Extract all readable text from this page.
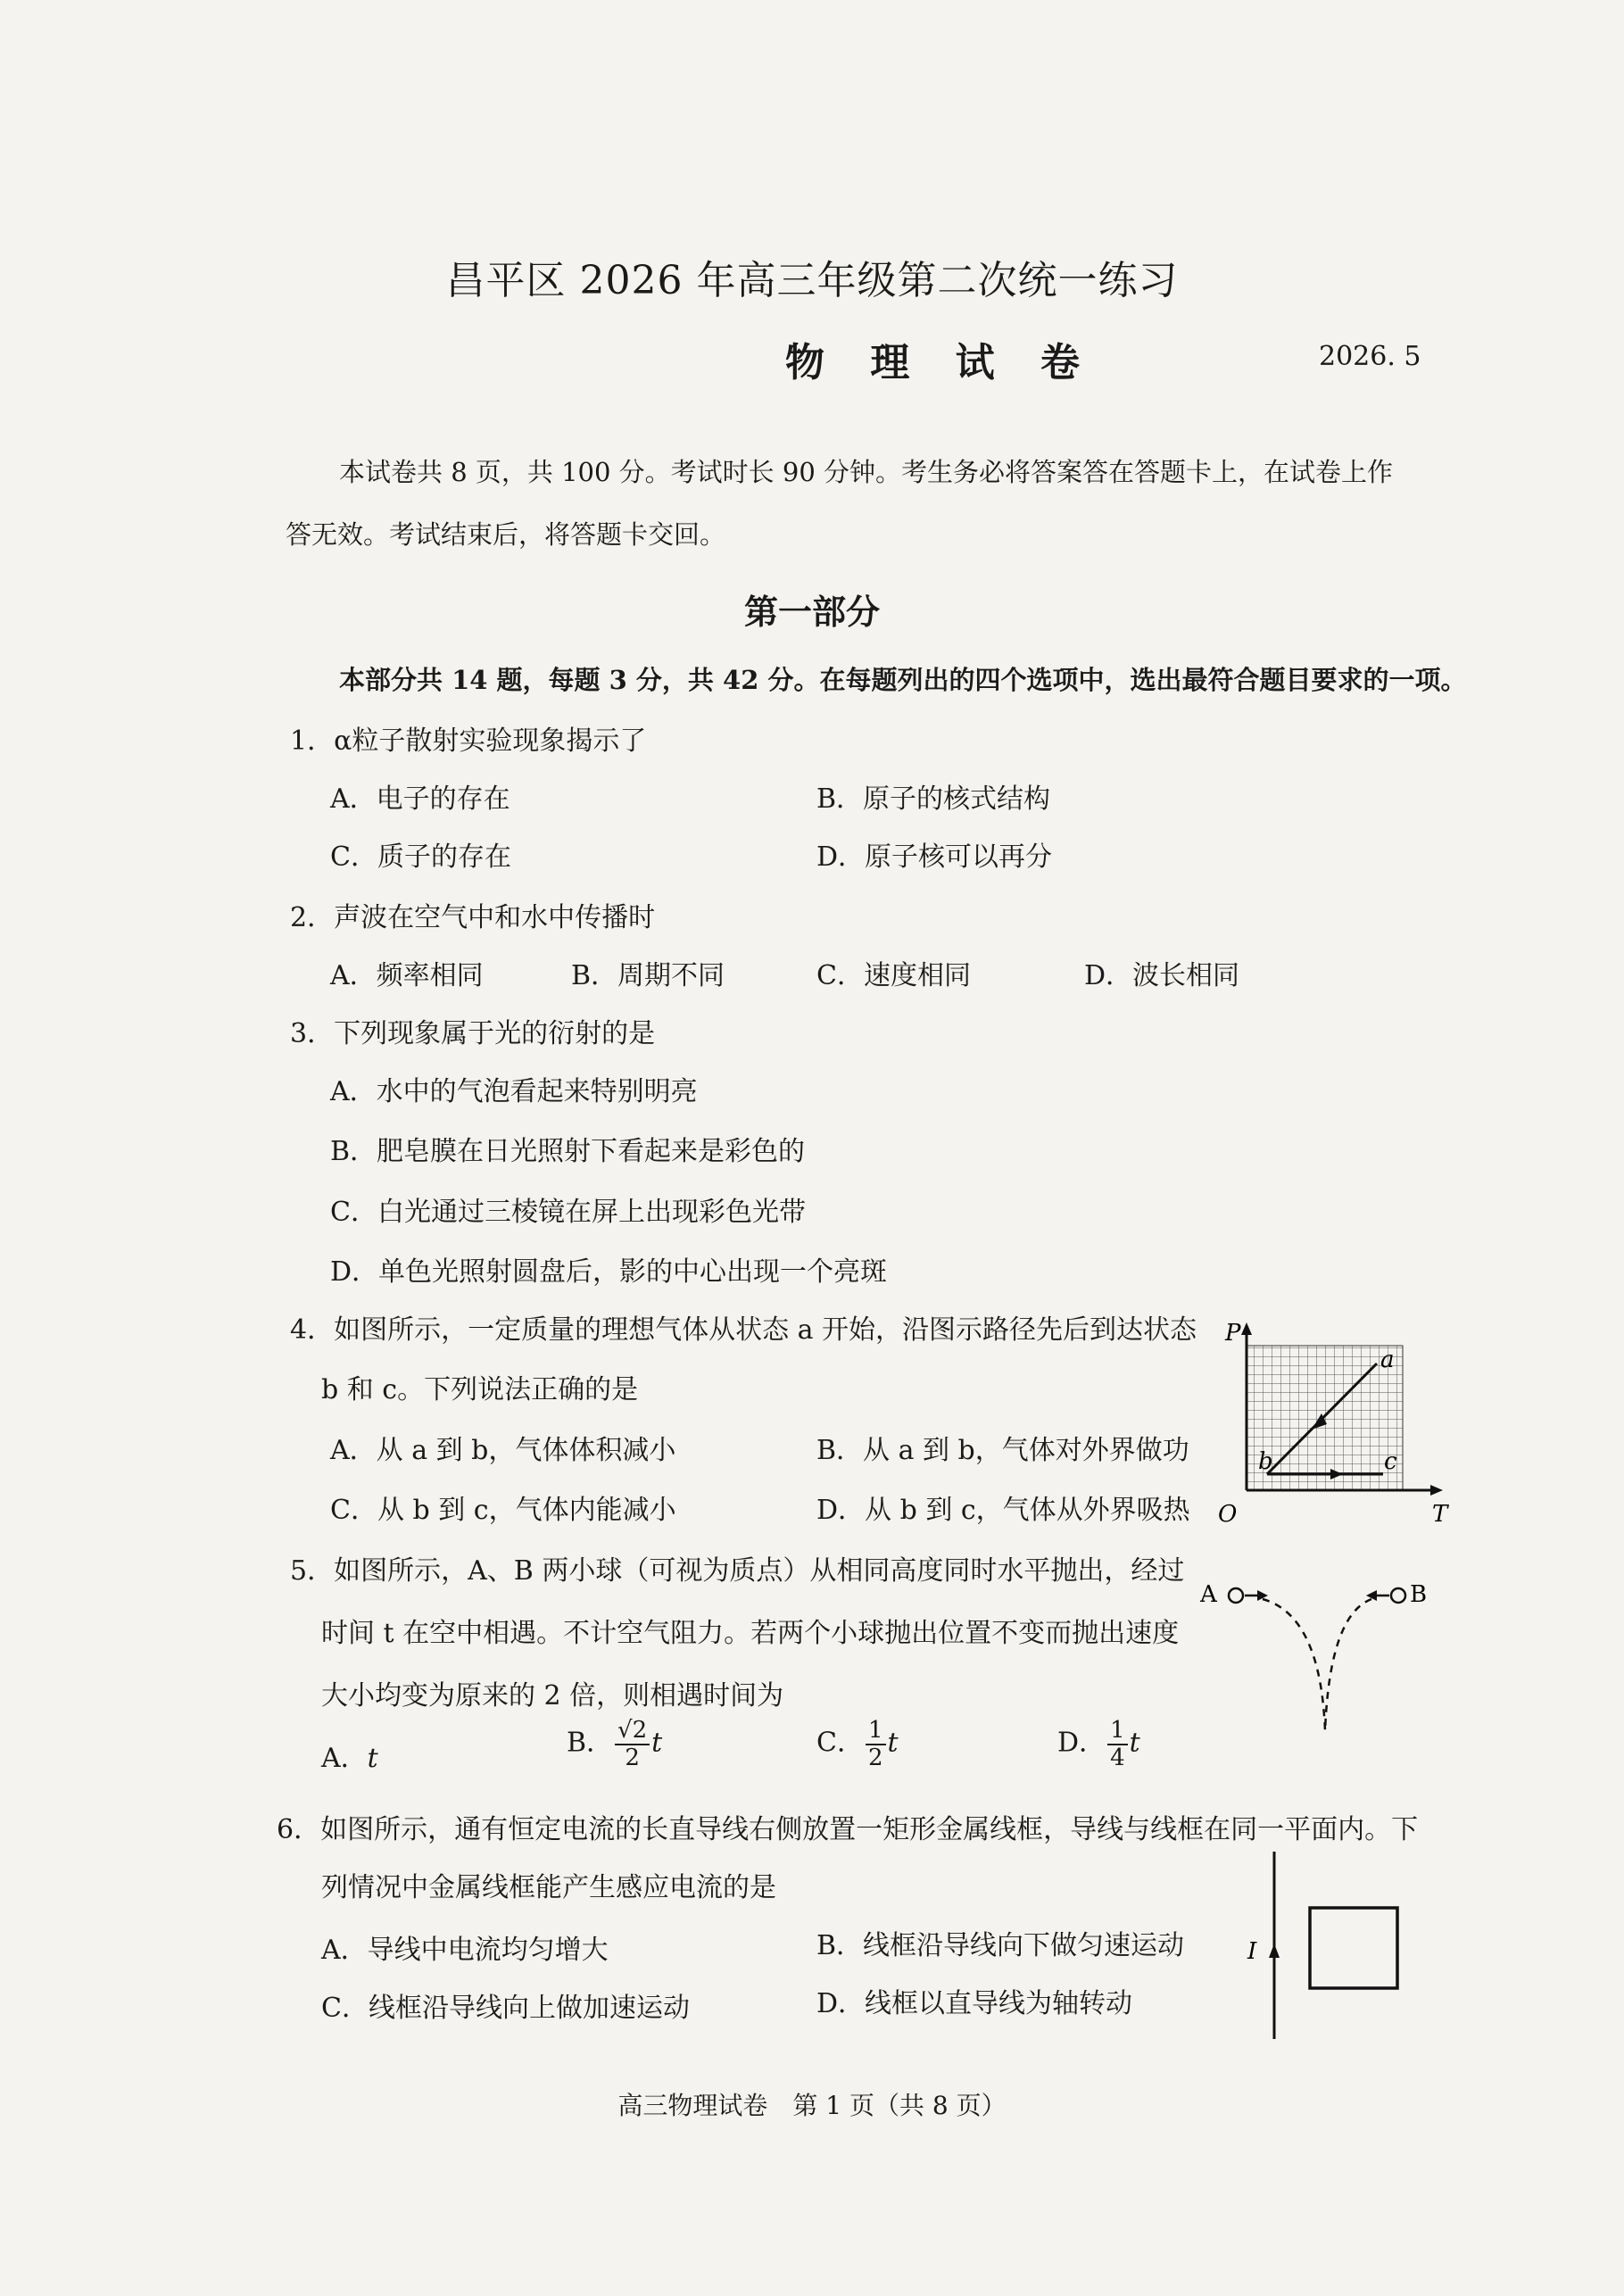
昌平区 2026 年高三年级第二次统一练习
物 理 试 卷	2026. 5
本试卷共 8 页，共 100 分。考试时长 90 分钟。考生务必将答案答在答题卡上，在试卷上作
答无效。考试结束后，将答题卡交回。
第一部分
本部分共 14 题，每题 3 分，共 42 分。在每题列出的四个选项中，选出最符合题目要求的一项。
1．α粒子散射实验现象揭示了
A．电子的存在	B．原子的核式结构
C．质子的存在	D．原子核可以再分
2．声波在空气中和水中传播时
A．频率相同	B．周期不同	C．速度相同	D．波长相同
3．下列现象属于光的衍射的是
A．水中的气泡看起来特别明亮
B．肥皂膜在日光照射下看起来是彩色的
C．白光通过三棱镜在屏上出现彩色光带
D．单色光照射圆盘后，影的中心出现一个亮斑
4．如图所示，一定质量的理想气体从状态 a 开始，沿图示路径先后到达状态
b 和 c。下列说法正确的是
A．从 a 到 b，气体体积减小	B．从 a 到 b，气体对外界做功
C．从 b 到 c，气体内能减小	D．从 b 到 c，气体从外界吸热
P
T
O
a
b	c
5．如图所示，A、B 两小球（可视为质点）从相同高度同时水平抛出，经过
时间 t 在空中相遇。不计空气阻力。若两个小球抛出位置不变而抛出速度
大小均变为原来的 2 倍，则相遇时间为
A．t	B． $\frac{√2}{2}$ t	C． $\frac{1}{2}$ t	D． $\frac{1}{4}$ t
A	B
6．如图所示，通有恒定电流的长直导线右侧放置一矩形金属线框，导线与线框在同一平面内。下
列情况中金属线框能产生感应电流的是
A．导线中电流均匀增大	B．线框沿导线向下做匀速运动
C．线框沿导线向上做加速运动	D．线框以直导线为轴转动
I
高三物理试卷　第 1 页（共 8 页）
